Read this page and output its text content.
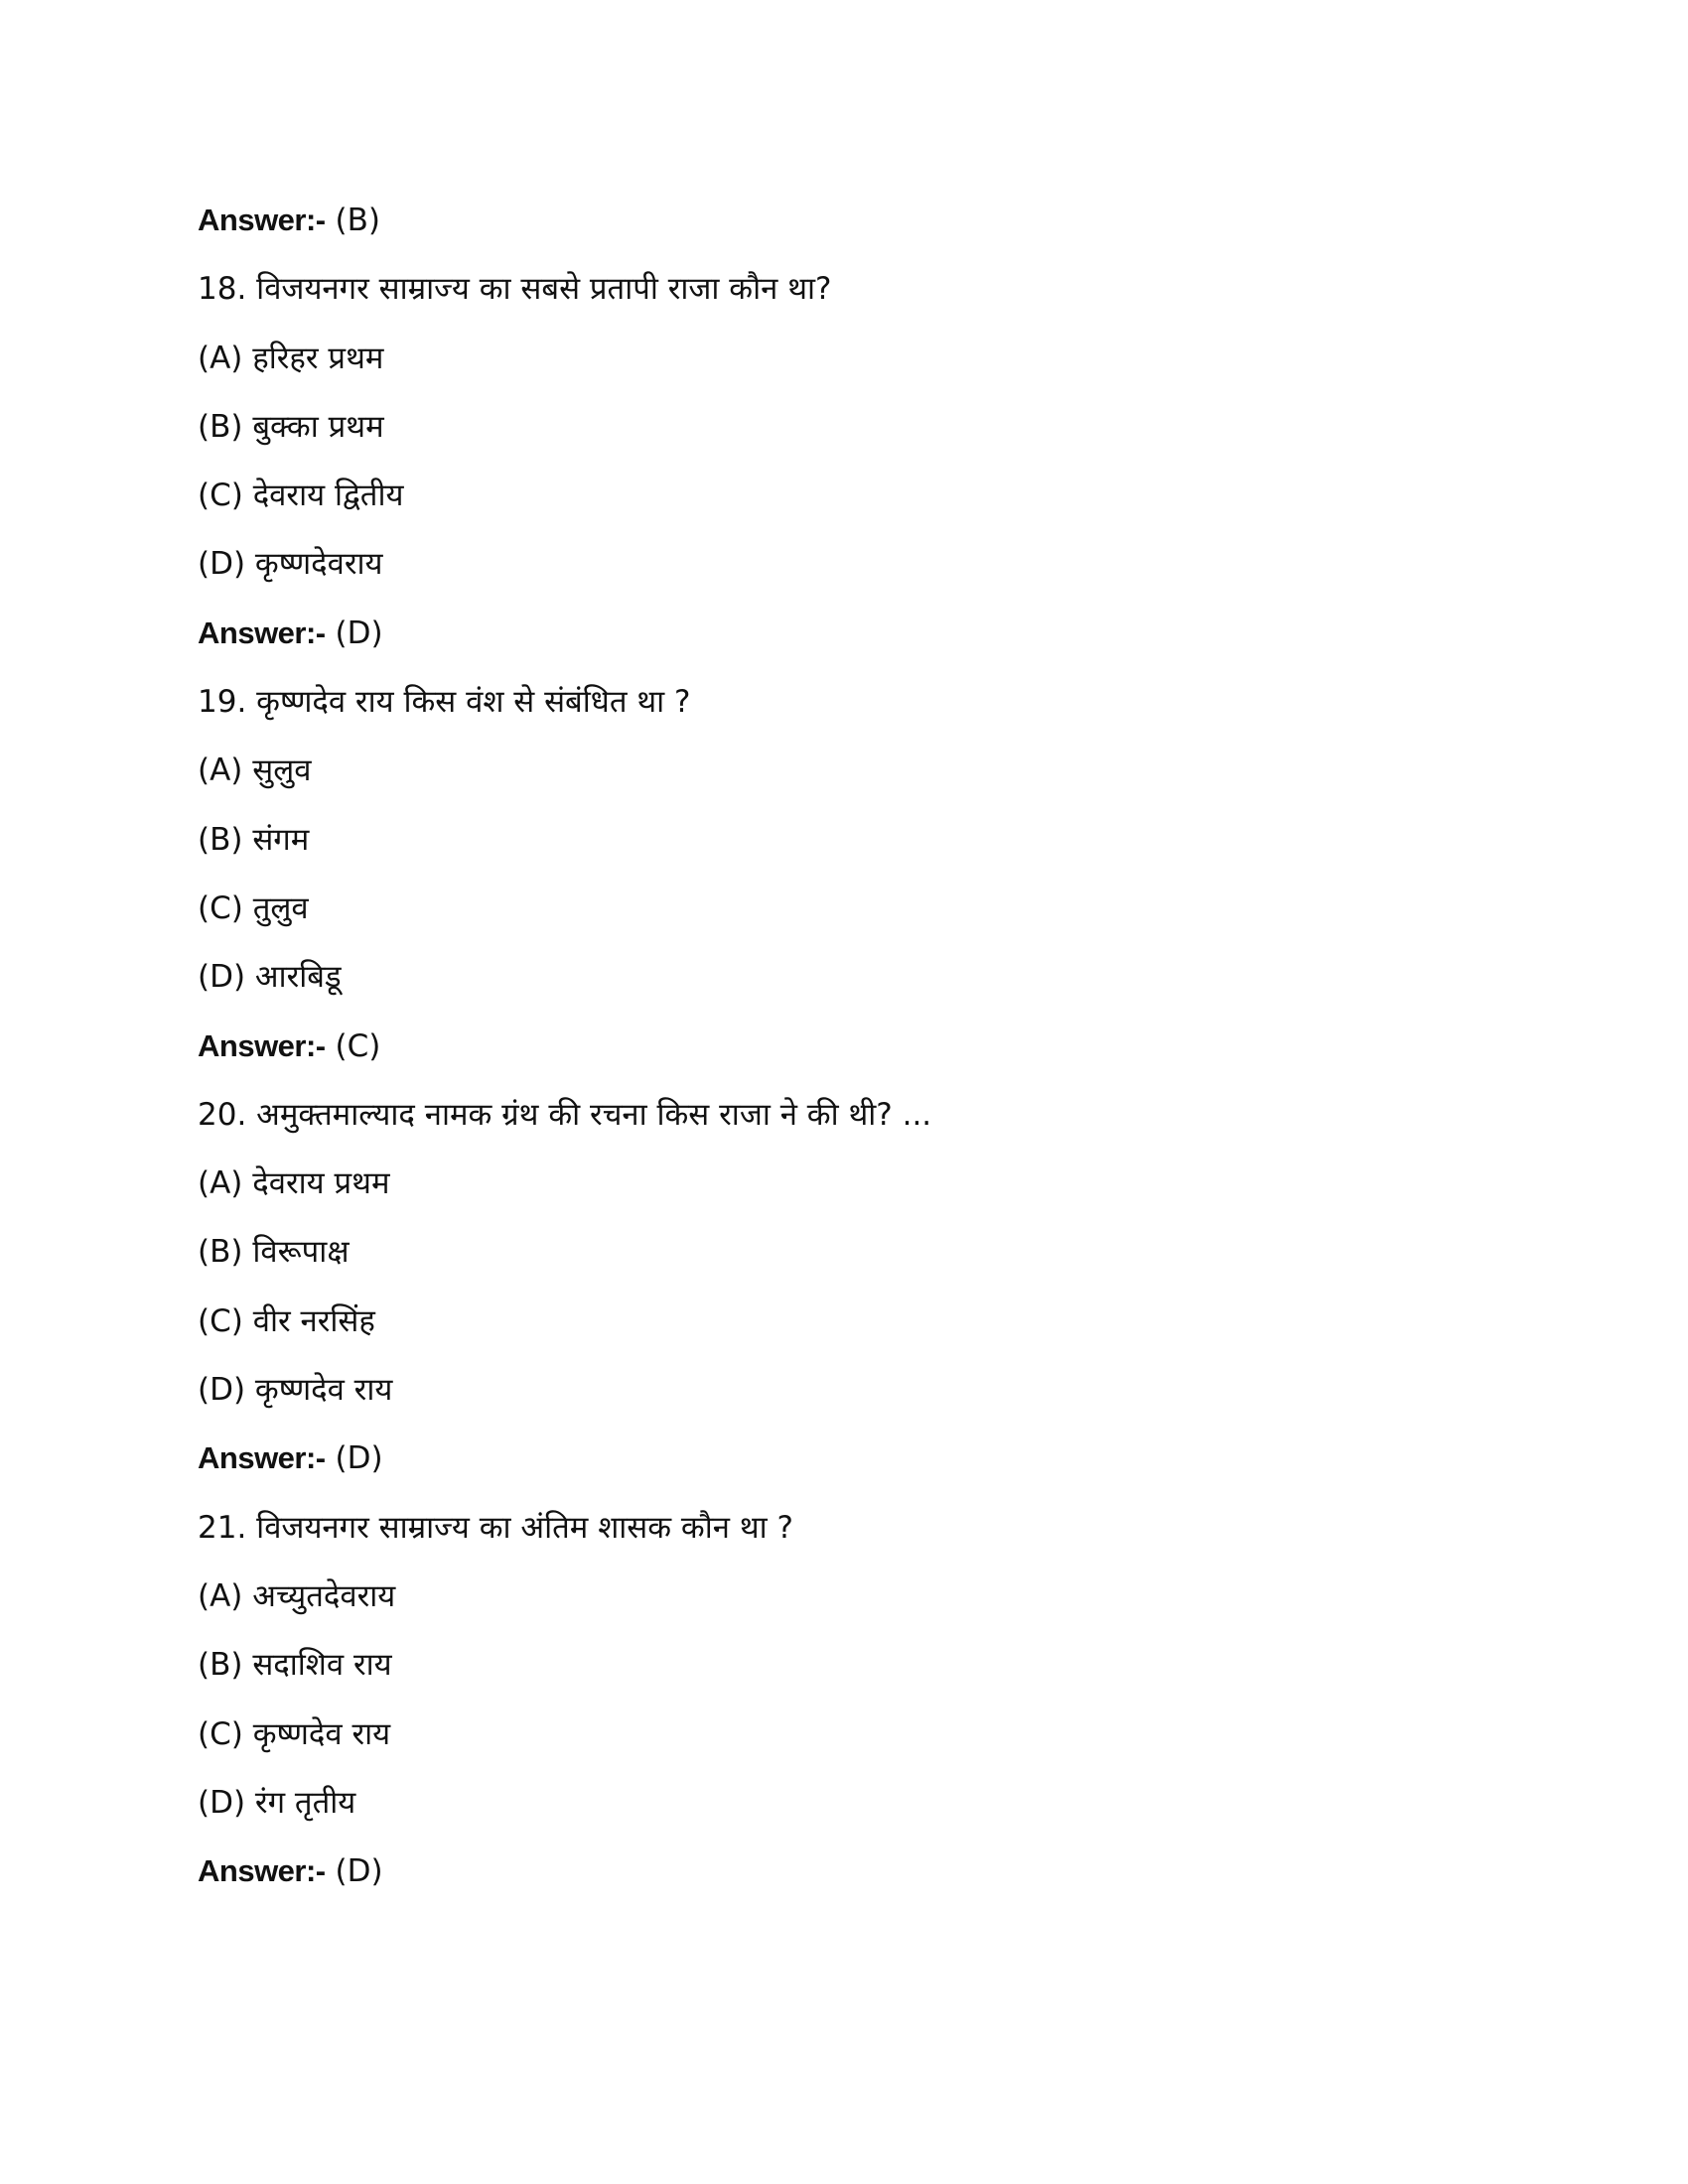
Answer:- (B)
18. विजयनगर साम्राज्य का सबसे प्रतापी राजा कौन था?
(A) हरिहर प्रथम
(B) बुक्का प्रथम
(C) देवराय द्वितीय
(D) कृष्णदेवराय
Answer:- (D)
19. कृष्णदेव राय किस वंश से संबंधित था ?
(A) सुलुव
(B) संगम
(C) तुलुव
(D) आरबिडू
Answer:- (C)
20. अमुक्तमाल्याद नामक ग्रंथ की रचना किस राजा ने की थी? ...
(A) देवराय प्रथम
(B) विरूपाक्ष
(C) वीर नरसिंह
(D) कृष्णदेव राय
Answer:- (D)
21. विजयनगर साम्राज्य का अंतिम शासक कौन था ?
(A) अच्युतदेवराय
(B) सदाशिव राय
(C) कृष्णदेव राय
(D) रंग तृतीय
Answer:- (D)
